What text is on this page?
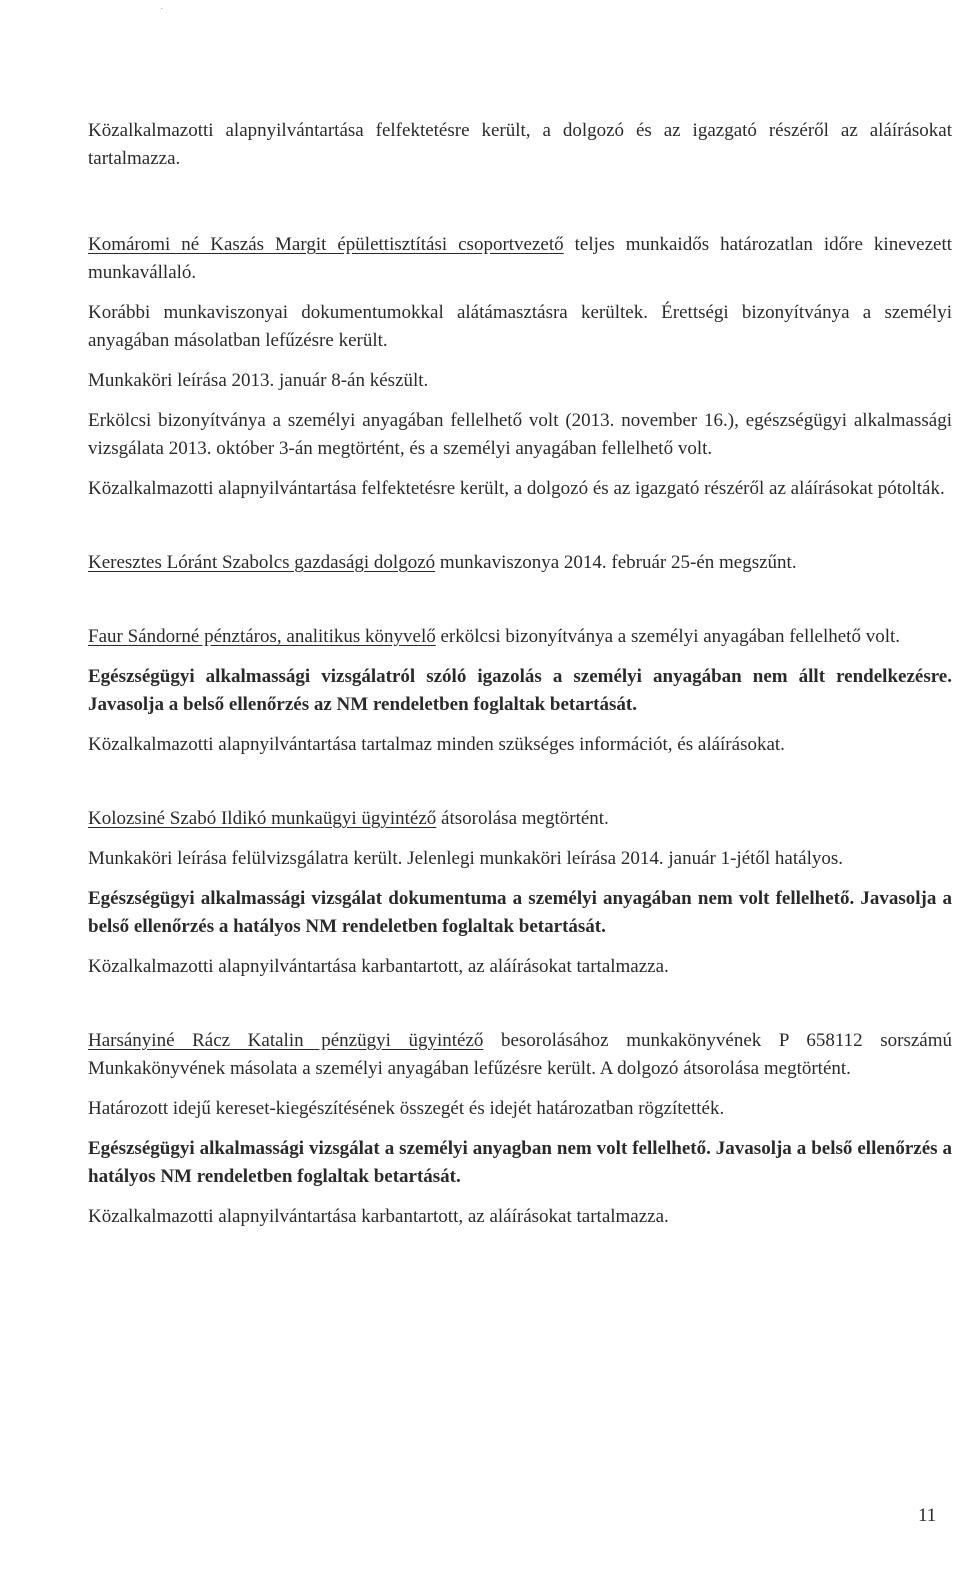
·

Közalkalmazotti alapnyilvántartása felfektetésre került, a dolgozó és az igazgató részéről az aláírásokat tartalmazza.

Komáromi né Kaszás Margit épülettisztítási csoportvezető teljes munkaidős határozatlan időre kinevezett munkavállaló.

Korábbi munkaviszonyai dokumentumokkal alátámasztásra kerültek. Érettségi bizonyítványa a személyi anyagában másolatban lefűzésre került.

Munkaköri leírása 2013. január 8-án készült.

Erkölcsi bizonyítványa a személyi anyagában fellelhető volt (2013. november 16.), egészségügyi alkalmassági vizsgálata 2013. október 3-án megtörtént, és a személyi anyagában fellelhető volt.

Közalkalmazotti alapnyilvántartása felfektetésre került, a dolgozó és az igazgató részéről az aláírásokat pótolták.

Keresztes Lóránt Szabolcs gazdasági dolgozó munkaviszonya 2014. február 25-én megszűnt.

Faur Sándorné pénztáros, analitikus könyvelő erkölcsi bizonyítványa a személyi anyagában fellelhető volt.

Egészségügyi alkalmassági vizsgálatról szóló igazolás a személyi anyagában nem állt rendelkezésre. Javasolja a belső ellenőrzés az NM rendeletben foglaltak betartását.

Közalkalmazotti alapnyilvántartása tartalmaz minden szükséges információt, és aláírásokat.

Kolozsiné Szabó Ildikó munkaügyi ügyintéző átsorolása megtörtént.

Munkaköri leírása felülvizsgálatra került. Jelenlegi munkaköri leírása 2014. január 1-jétől hatályos.

Egészségügyi alkalmassági vizsgálat dokumentuma a személyi anyagában nem volt fellelhető. Javasolja a belső ellenőrzés a hatályos NM rendeletben foglaltak betartását.

Közalkalmazotti alapnyilvántartása karbantartott, az aláírásokat tartalmazza.

Harsányiné Rácz Katalin pénzügyi ügyintéző besorolásához munkakönyvének P 658112 sorszámú Munkakönyvének másolata a személyi anyagában lefűzésre került. A dolgozó átsorolása megtörtént.

Határozott idejű kereset-kiegészítésének összegét és idejét határozatban rögzítették.

Egészségügyi alkalmassági vizsgálat a személyi anyagban nem volt fellelhető. Javasolja a belső ellenőrzés a hatályos NM rendeletben foglaltak betartását.

Közalkalmazotti alapnyilvántartása karbantartott, az aláírásokat tartalmazza.

11
